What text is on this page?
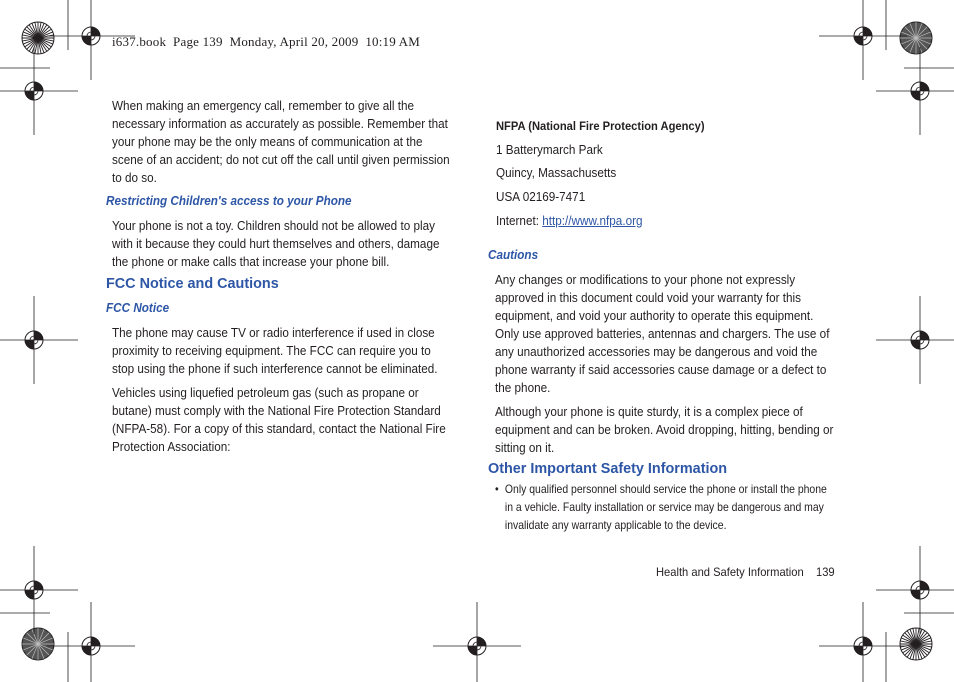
i637.book  Page 139  Monday, April 20, 2009  10:19 AM

When making an emergency call, remember to give all the necessary information as accurately as possible. Remember that your phone may be the only means of communication at the scene of an accident; do not cut off the call until given permission to do so.

Restricting Children's access to your Phone

Your phone is not a toy. Children should not be allowed to play with it because they could hurt themselves and others, damage the phone or make calls that increase your phone bill.

FCC Notice and Cautions
FCC Notice

The phone may cause TV or radio interference if used in close proximity to receiving equipment. The FCC can require you to stop using the phone if such interference cannot be eliminated.

Vehicles using liquefied petroleum gas (such as propane or butane) must comply with the National Fire Protection Standard (NFPA-58). For a copy of this standard, contact the National Fire Protection Association:

NFPA (National Fire Protection Agency)
1 Batterymarch Park
Quincy, Massachusetts
USA 02169-7471
Internet: http://www.nfpa.org
Cautions

Any changes or modifications to your phone not expressly approved in this document could void your warranty for this equipment, and void your authority to operate this equipment. Only use approved batteries, antennas and chargers. The use of any unauthorized accessories may be dangerous and void the phone warranty if said accessories cause damage or a defect to the phone.

Although your phone is quite sturdy, it is a complex piece of equipment and can be broken. Avoid dropping, hitting, bending or sitting on it.

Other Important Safety Information
• Only qualified personnel should service the phone or install the phone in a vehicle. Faulty installation or service may be dangerous and may invalidate any warranty applicable to the device.
Health and Safety Information 139
